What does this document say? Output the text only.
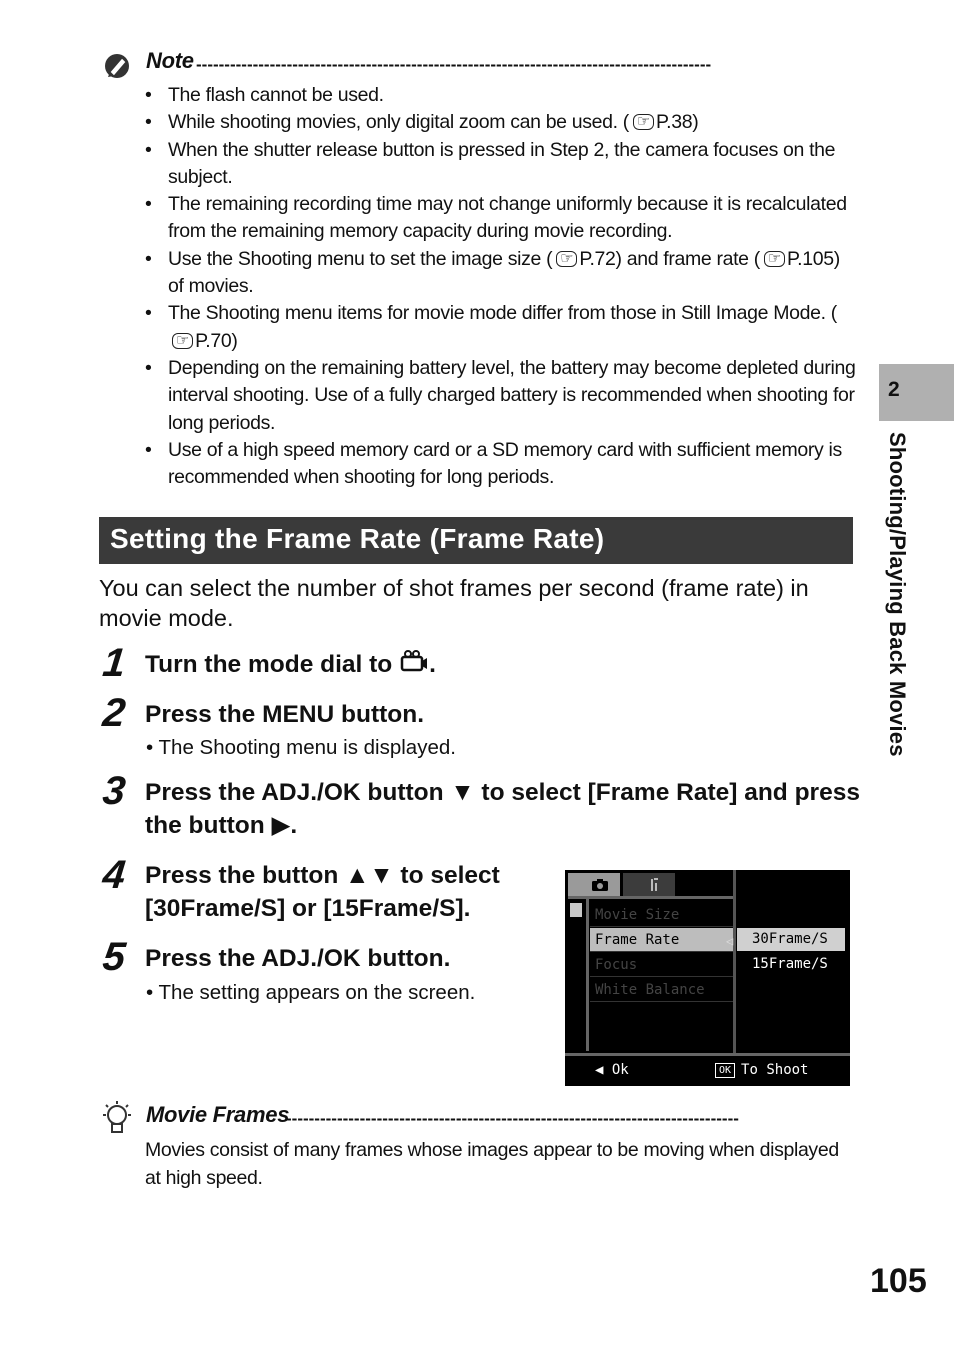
Note -------------------------------------------------------------------------------------------
• The flash cannot be used.
• While shooting movies, only digital zoom can be used. ( ☞ P.38)
• When the shutter release button is pressed in Step 2, the camera focuses on the subject.
• The remaining recording time may not change uniformly because it is recalculated from the remaining memory capacity during movie recording.
• Use the Shooting menu to set the image size ( ☞ P.72) and frame rate ( ☞ P.105) of movies.
• The Shooting menu items for movie mode differ from those in Still Image Mode. (☞ P.70)
• Depending on the remaining battery level, the battery may become depleted during interval shooting. Use of a fully charged battery is recommended when shooting for long periods.
• Use of a high speed memory card or a SD memory card with sufficient memory is recommended when shooting for long periods.
Setting the Frame Rate (Frame Rate)
You can select the number of shot frames per second (frame rate) in movie mode.
1 Turn the mode dial to .
2 Press the MENU button.
• The Shooting menu is displayed.
3 Press the ADJ./OK button ▼ to select [Frame Rate] and press the button ▶.
4 Press the button ▲▼ to select [30Frame/S] or [15Frame/S].
5 Press the ADJ./OK button.
• The setting appears on the screen.
Movie Size
Frame Rate
Focus
White Balance
◁	30Frame/S
15Frame/S
◀ Ok	OK To Shoot
Movie Frames
--------------------------------------------------------------------------------
Movies consist of many frames whose images appear to be moving when displayed at high speed.
2
Shooting/Playing Back Movies
105
